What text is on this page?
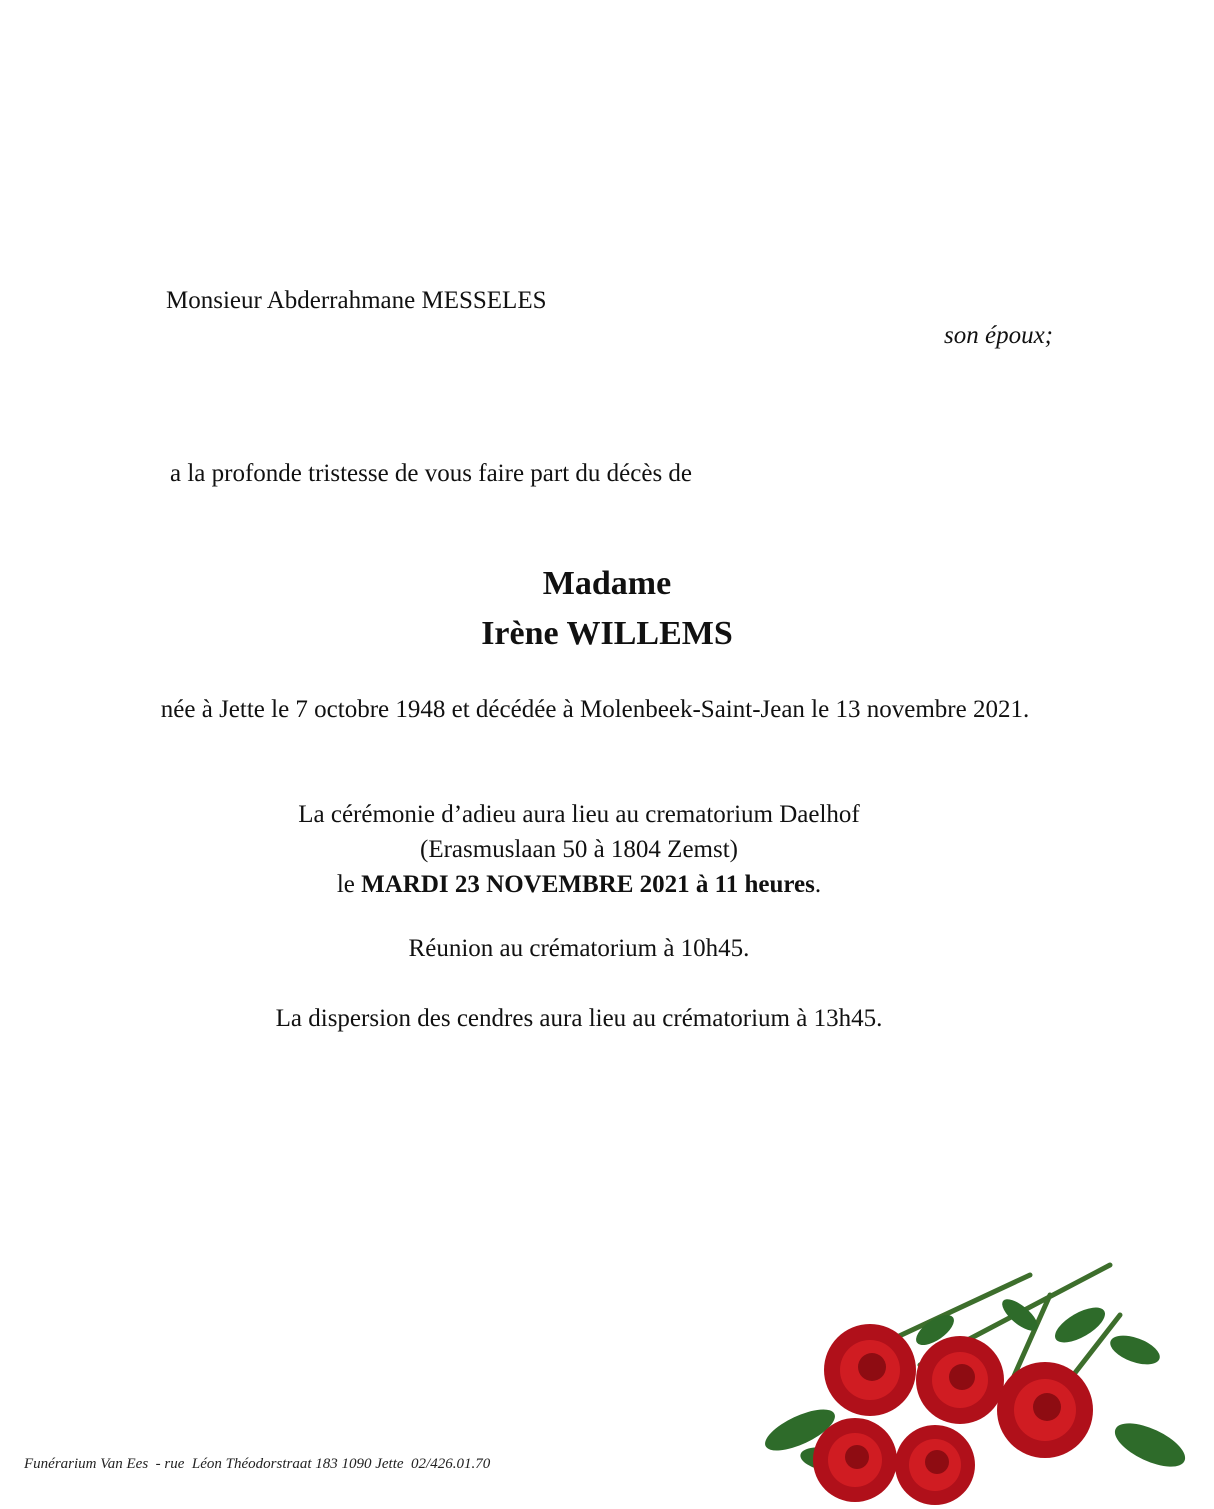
Monsieur Abderrahmane MESSELES
son époux;
a la profonde tristesse de vous faire part du décès de
Madame
Irène WILLEMS
née à Jette le 7 octobre 1948 et décédée à Molenbeek-Saint-Jean le 13 novembre 2021.
La cérémonie d’adieu aura lieu au crematorium Daelhof
(Erasmuslaan 50 à 1804 Zemst)
le MARDI 23 NOVEMBRE 2021 à 11 heures.
Réunion au crématorium à 10h45.
La dispersion des cendres aura lieu au crématorium à 13h45.
Funérarium Van Ees  - rue  Léon Théodorstraat 183 1090 Jette  02/426.01.70
